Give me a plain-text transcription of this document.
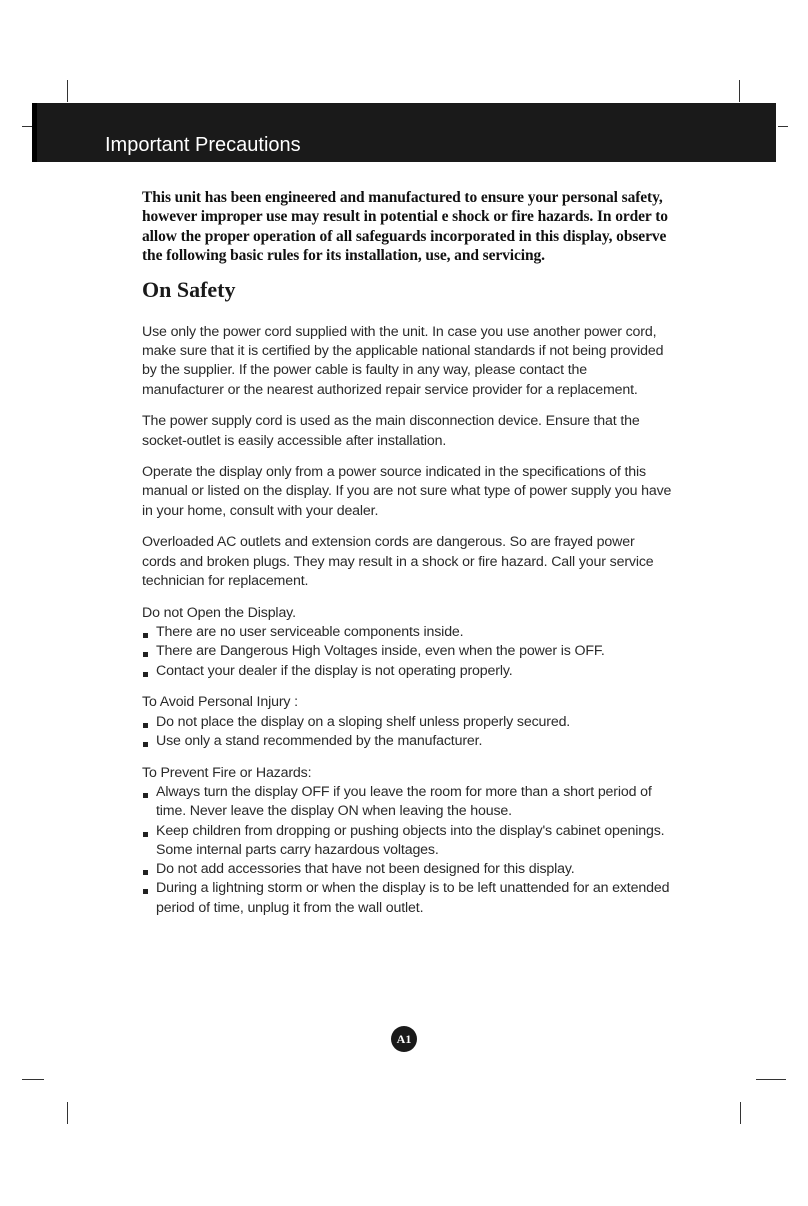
Important Precautions

This unit has been engineered and manufactured to ensure your personal safety, however improper use may result in potential e shock or fire hazards. In order to allow the proper operation of all safeguards incorporated in this display, observe the following basic rules for its installation, use, and servicing.

On Safety

Use only the power cord supplied with the unit. In case you use another power cord, make sure that it is certified by the applicable national standards if not being provided by the supplier. If the power cable is faulty in any way, please contact the manufacturer or the nearest authorized repair service provider for a replacement.

The power supply cord is used as the main disconnection device. Ensure that the socket-outlet is easily accessible after installation.

Operate the display only from a power source indicated in the specifications of this manual or listed on the display. If you are not sure what type of power supply you have in your home, consult with your dealer.

Overloaded AC outlets and extension cords are dangerous. So are frayed power cords and broken plugs. They may result in a shock or fire hazard. Call your service technician for replacement.

Do not Open the Display.

There are no user serviceable components inside.
There are Dangerous High Voltages inside, even when the power is OFF.
Contact your dealer if the display is not operating properly.

To Avoid Personal Injury :

Do not place the display on a sloping shelf unless properly secured.
Use only a stand recommended by the manufacturer.

To Prevent Fire or Hazards:

Always turn the display OFF if you leave the room for more than a short period of time. Never leave the display ON when leaving the house.
Keep children from dropping or pushing objects into the display's cabinet openings. Some internal parts carry hazardous voltages.
Do not add accessories that have not been designed for this display.
During a lightning storm or when the display is to be left unattended for an extended period of time, unplug it from the wall outlet.
A1
